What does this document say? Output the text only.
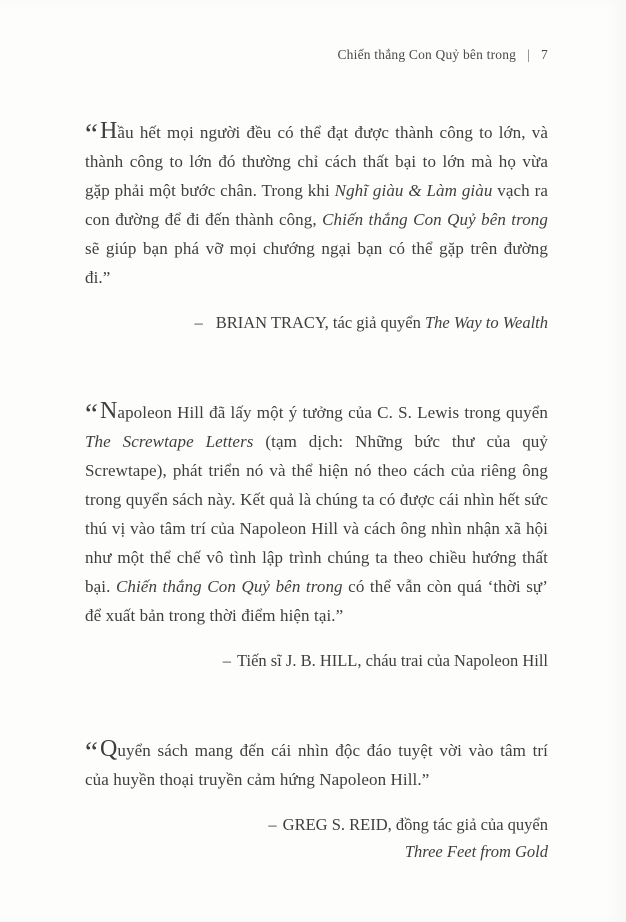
Chiến thắng Con Quỷ bên trong | 7

“Hầu hết mọi người đều có thể đạt được thành công to lớn, và thành công to lớn đó thường chỉ cách thất bại to lớn mà họ vừa gặp phải một bước chân. Trong khi Nghĩ giàu & Làm giàu vạch ra con đường để đi đến thành công, Chiến thắng Con Quỷ bên trong sẽ giúp bạn phá vỡ mọi chướng ngại bạn có thể gặp trên đường đi.”

– BRIAN TRACY, tác giả quyển The Way to Wealth

“Napoleon Hill đã lấy một ý tưởng của C. S. Lewis trong quyển The Screwtape Letters (tạm dịch: Những bức thư của quỷ Screwtape), phát triển nó và thể hiện nó theo cách của riêng ông trong quyển sách này. Kết quả là chúng ta có được cái nhìn hết sức thú vị vào tâm trí của Napoleon Hill và cách ông nhìn nhận xã hội như một thể chế vô tình lập trình chúng ta theo chiều hướng thất bại. Chiến thắng Con Quỷ bên trong có thể vẫn còn quá ‘thời sự’ để xuất bản trong thời điểm hiện tại.”

– Tiến sĩ J. B. HILL, cháu trai của Napoleon Hill

“Quyển sách mang đến cái nhìn độc đáo tuyệt vời vào tâm trí của huyền thoại truyền cảm hứng Napoleon Hill.”

– GREG S. REID, đồng tác giả của quyển
Three Feet from Gold
